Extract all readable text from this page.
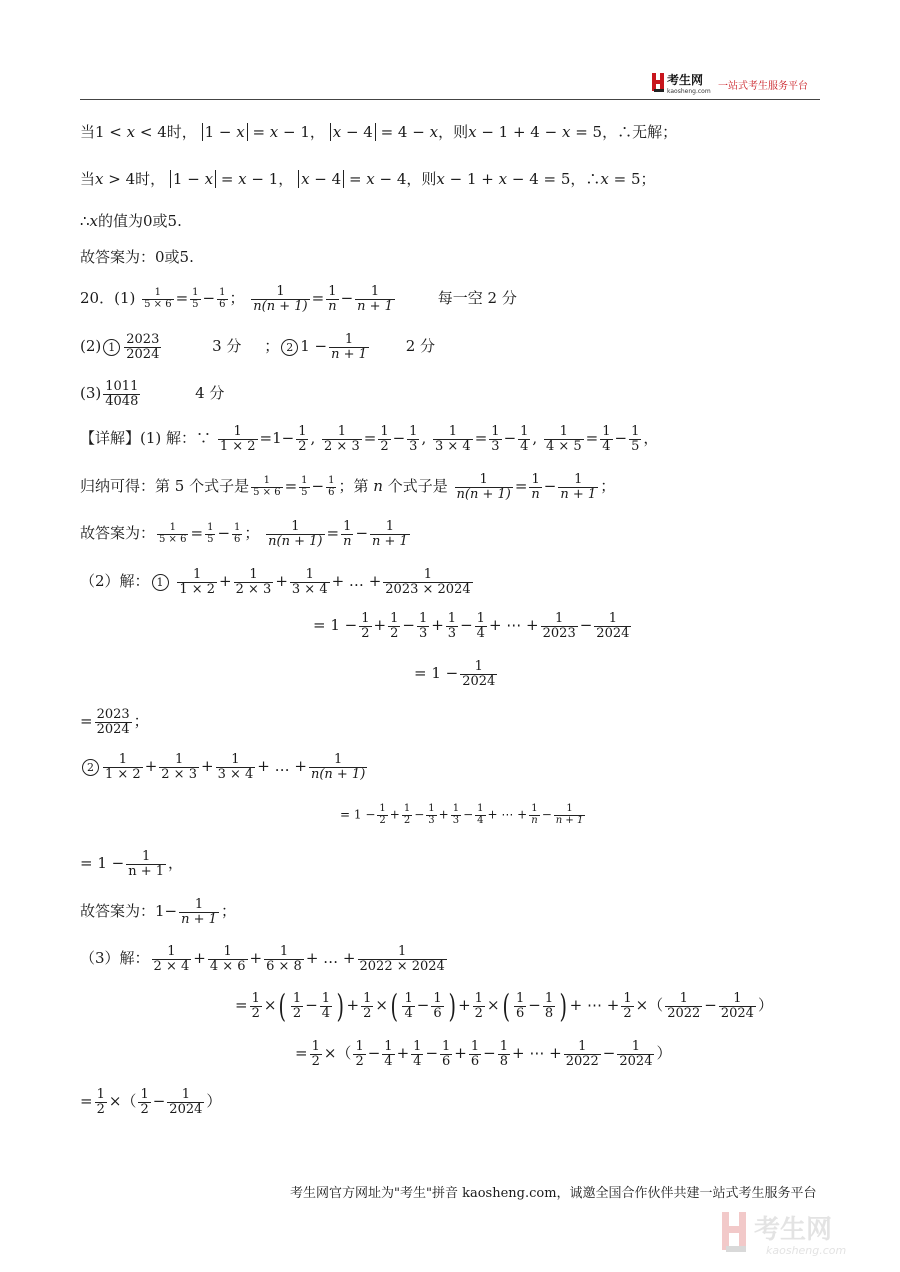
考生网
kaosheng.com 一站式考生服务平台
当1 < x < 4时， 1 − x = x − 1， x − 4 = 4 − x，则x − 1 + 4 − x = 5，∴无解；
当x > 4时， 1 − x = x − 1， x − 4 = x − 4，则x − 1 + x − 4 = 5，∴x = 5；
∴x的值为0或5.
故答案为：0或5.
20．$(1) \frac{1}{5 \times 6} = \frac{1}{5} - \frac{1}{6}$ ； $\frac{1}{n(n + 1)} = \frac{1}{n} - \frac{1}{n + 1}$	每一空 2 分
(2) $1 \frac{2023}{2024}$	3 分 ； 2 $1 - \frac{1}{n + 1} 2$ 分
$(3) \frac{1011}{4048}$	4 分
【详解】(1) 解：∵ $\frac{1}{1 \times 2} =1- \frac{1}{2}$ , $\frac{1}{2 \times 3} = \frac{1}{2} - \frac{1}{3}$ , $\frac{1}{3 \times 4} = \frac{1}{3} - \frac{1}{4}$ , $\frac{1}{4 \times 5} = \frac{1}{4} - \frac{1}{5}$ ，
归纳可得：第 5 个式子是 $\frac{1}{5 \times 6} = \frac{1}{5} - \frac{1}{6}$ ；第 n 个式子是 $\frac{1}{n(n + 1)} = \frac{1}{n} - \frac{1}{n + 1}$ ；
故答案为： $\frac{1}{5 \times 6} = \frac{1}{5} - \frac{1}{6}$ ； $\frac{1}{n(n + 1)} = \frac{1}{n} - \frac{1}{n + 1}$
（2）解： $1 \frac{1}{1 \times 2} + \frac{1}{2 \times 3} + \frac{1}{3 \times 4}$ + … + $\frac{1}{2023 \times 2024}$
= $1 - \frac{1}{2} + \frac{1}{2} - \frac{1}{3} + \frac{1}{3} - \frac{1}{4}$ + ⋯ + $\frac{1}{2023} - \frac{1}{2024}$
= $1 - \frac{1}{2024}$
= $\frac{2023}{2024}$ ；
$2 \frac{1}{1 \times 2} + \frac{1}{2 \times 3} + \frac{1}{3 \times 4}$ + … + $\frac{1}{n(n + 1)}$
= $1 - \frac{1}{2} + \frac{1}{2} - \frac{1}{3} + \frac{1}{3} - \frac{1}{4}$ + ⋯ + $\frac{1}{n} - \frac{1}{n + 1}$
= $1 - \frac{1}{n + 1}$ ，
故答案为：$1- \frac{1}{n + 1}$ ；
（3）解： $\frac{1}{2 \times 4} + \frac{1}{4 \times 6} + \frac{1}{6 \times 8}$ + … + $\frac{1}{2022 \times 2024}$
= $\frac{1}{2}$ ×( $\frac{1}{2} - \frac{1}{4}$ ) + $\frac{1}{2}$ ×( $\frac{1}{4} - \frac{1}{6}$ ) + $\frac{1}{2}$ ×( $\frac{1}{6} - \frac{1}{8}$ ) + ⋯ + $\frac{1}{2}$ ×（ $\frac{1}{2022} - \frac{1}{2024}$ ）
= $\frac{1}{2}$ ×（ $\frac{1}{2} - \frac{1}{4} + \frac{1}{4} - \frac{1}{6} + \frac{1}{6} - \frac{1}{8}$ + ⋯ + $\frac{1}{2022} - \frac{1}{2024}$ ）
= $\frac{1}{2}$ ×（ $\frac{1}{2} - \frac{1}{2024}$ ）
考生网官方网址为"考生"拼音 kaosheng.com，诚邀全国合作伙伴共建一站式考生服务平台
考生网
kaosheng.com
